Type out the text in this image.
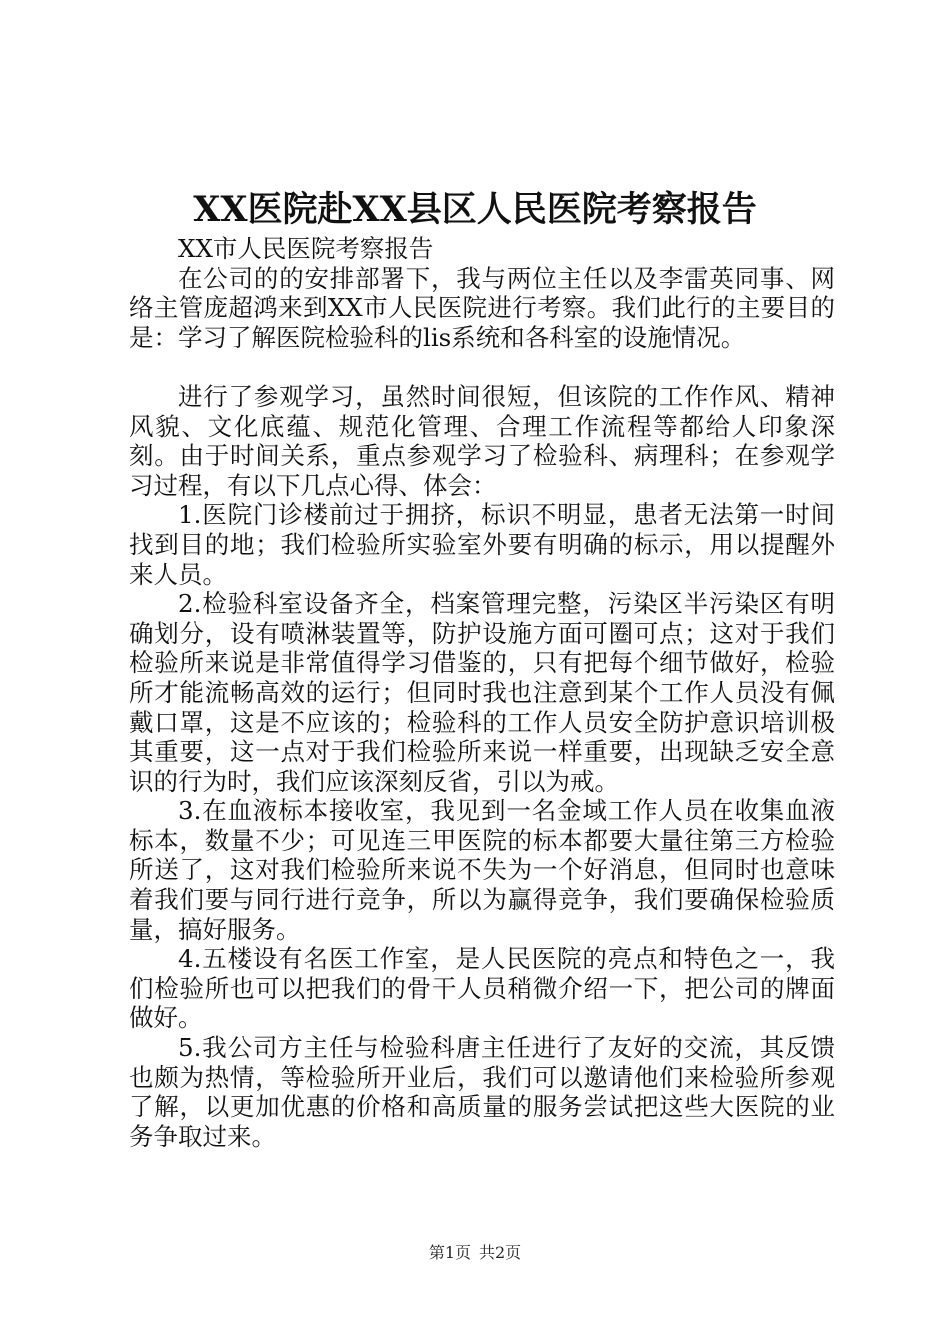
XX医院赴XX县区人民医院考察报告

XX市人民医院考察报告

在公司的的安排部署下，我与两位主任以及李雷英同事、网络主管庞超鸿来到XX市人民医院进行考察。我们此行的主要目的是：学习了解医院检验科的lis系统和各科室的设施情况。

进行了参观学习，虽然时间很短，但该院的工作作风、精神风貌、文化底蕴、规范化管理、合理工作流程等都给人印象深刻。由于时间关系，重点参观学习了检验科、病理科；在参观学习过程，有以下几点心得、体会：

1.医院门诊楼前过于拥挤，标识不明显，患者无法第一时间找到目的地；我们检验所实验室外要有明确的标示，用以提醒外来人员。

2.检验科室设备齐全，档案管理完整，污染区半污染区有明确划分，设有喷淋装置等，防护设施方面可圈可点；这对于我们检验所来说是非常值得学习借鉴的，只有把每个细节做好，检验所才能流畅高效的运行；但同时我也注意到某个工作人员没有佩戴口罩，这是不应该的；检验科的工作人员安全防护意识培训极其重要，这一点对于我们检验所来说一样重要，出现缺乏安全意识的行为时，我们应该深刻反省，引以为戒。

3.在血液标本接收室，我见到一名金域工作人员在收集血液标本，数量不少；可见连三甲医院的标本都要大量往第三方检验所送了，这对我们检验所来说不失为一个好消息，但同时也意味着我们要与同行进行竞争，所以为赢得竞争，我们要确保检验质量，搞好服务。

4.五楼设有名医工作室，是人民医院的亮点和特色之一，我们检验所也可以把我们的骨干人员稍微介绍一下，把公司的牌面做好。

5.我公司方主任与检验科唐主任进行了友好的交流，其反馈也颇为热情，等检验所开业后，我们可以邀请他们来检验所参观了解，以更加优惠的价格和高质量的服务尝试把这些大医院的业务争取过来。

第1页 共2页
